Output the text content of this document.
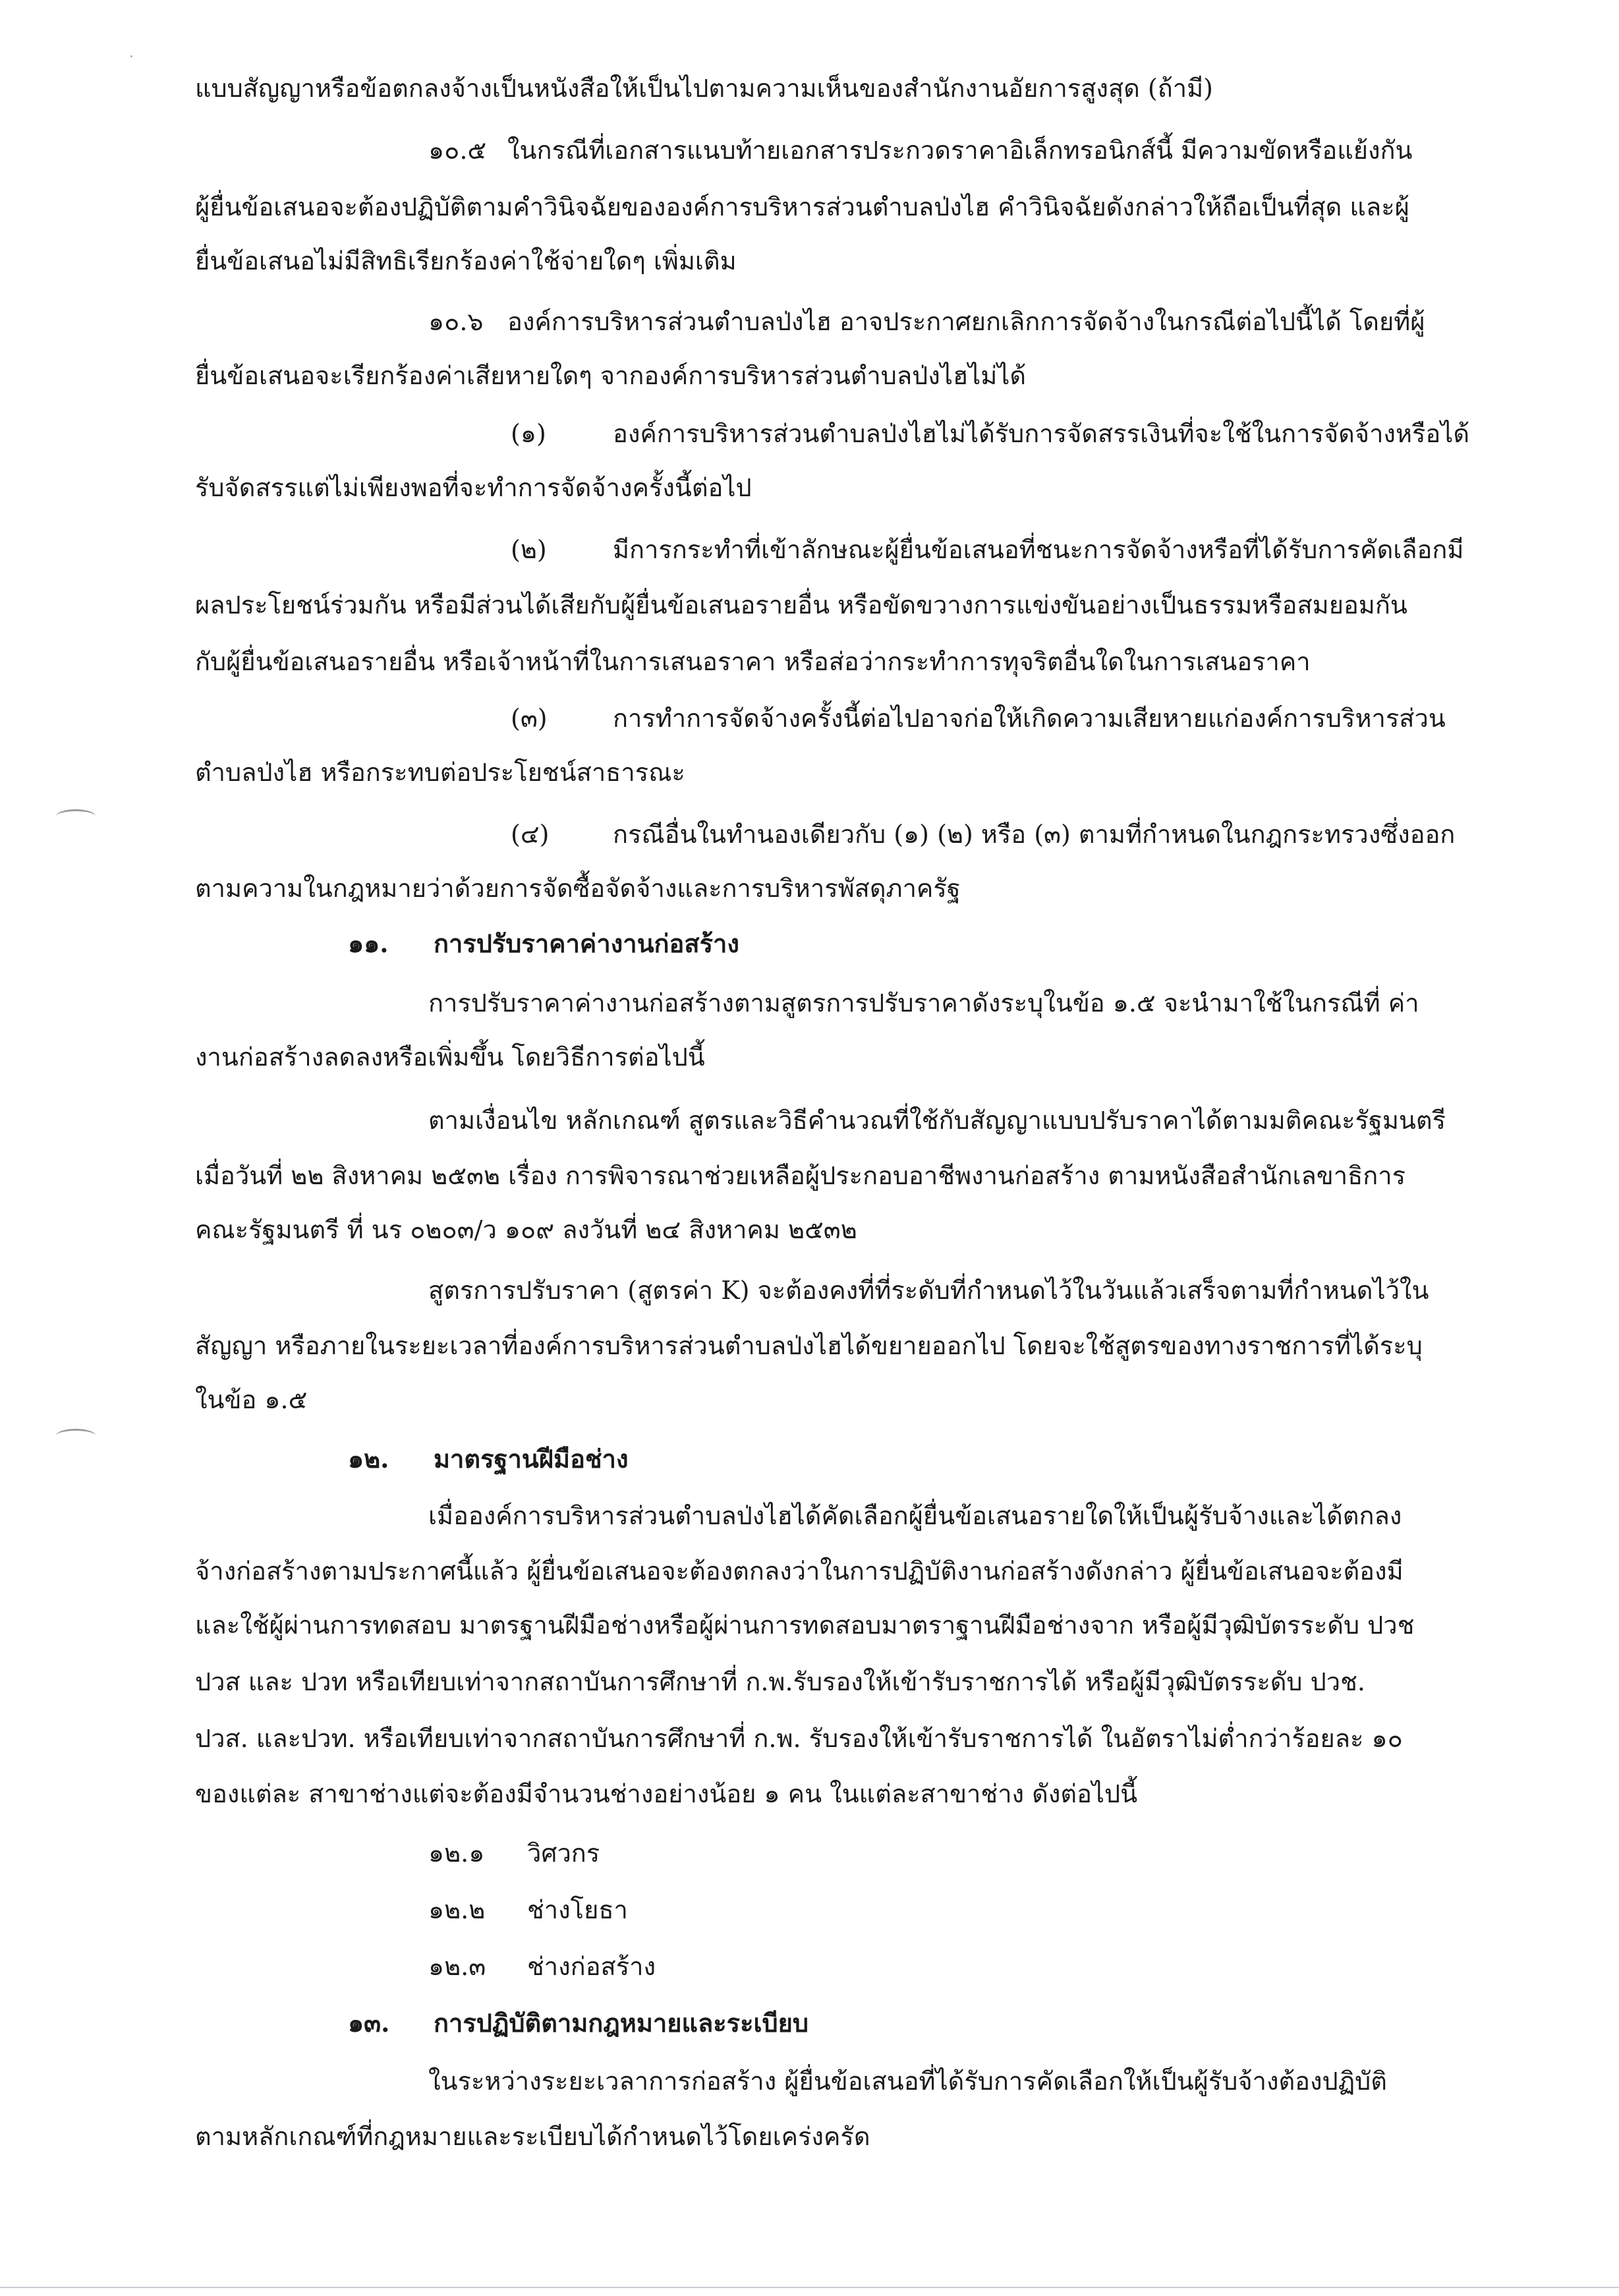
แบบสัญญาหรือข้อตกลงจ้างเป็นหนังสือให้เป็นไปตามความเห็นของสำนักงานอัยการสูงสุด (ถ้ามี)
๑๐.๕ ในกรณีที่เอกสารแนบท้ายเอกสารประกวดราคาอิเล็กทรอนิกส์นี้ มีความขัดหรือแย้งกัน
ผู้ยื่นข้อเสนอจะต้องปฏิบัติตามคำวินิจฉัยขององค์การบริหารส่วนตำบลป่งไฮ คำวินิจฉัยดังกล่าวให้ถือเป็นที่สุด และผู้
ยื่นข้อเสนอไม่มีสิทธิเรียกร้องค่าใช้จ่ายใดๆ เพิ่มเติม
๑๐.๖ องค์การบริหารส่วนตำบลป่งไฮ อาจประกาศยกเลิกการจัดจ้างในกรณีต่อไปนี้ได้ โดยที่ผู้
ยื่นข้อเสนอจะเรียกร้องค่าเสียหายใดๆ จากองค์การบริหารส่วนตำบลป่งไฮไม่ได้
(๑)	องค์การบริหารส่วนตำบลป่งไฮไม่ได้รับการจัดสรรเงินที่จะใช้ในการจัดจ้างหรือได้
รับจัดสรรแต่ไม่เพียงพอที่จะทำการจัดจ้างครั้งนี้ต่อไป
(๒)	มีการกระทำที่เข้าลักษณะผู้ยื่นข้อเสนอที่ชนะการจัดจ้างหรือที่ได้รับการคัดเลือกมี
ผลประโยชน์ร่วมกัน หรือมีส่วนได้เสียกับผู้ยื่นข้อเสนอรายอื่น หรือขัดขวางการแข่งขันอย่างเป็นธรรมหรือสมยอมกัน
กับผู้ยื่นข้อเสนอรายอื่น หรือเจ้าหน้าที่ในการเสนอราคา หรือส่อว่ากระทำการทุจริตอื่นใดในการเสนอราคา
(๓)	การทำการจัดจ้างครั้งนี้ต่อไปอาจก่อให้เกิดความเสียหายแก่องค์การบริหารส่วน
ตำบลป่งไฮ หรือกระทบต่อประโยชน์สาธารณะ
(๔)	กรณีอื่นในทำนองเดียวกับ (๑) (๒) หรือ (๓) ตามที่กำหนดในกฎกระทรวงซึ่งออก
ตามความในกฎหมายว่าด้วยการจัดซื้อจัดจ้างและการบริหารพัสดุภาครัฐ
๑๑. การปรับราคาค่างานก่อสร้าง
การปรับราคาค่างานก่อสร้างตามสูตรการปรับราคาดังระบุในข้อ ๑.๕ จะนำมาใช้ในกรณีที่ ค่า
งานก่อสร้างลดลงหรือเพิ่มขึ้น โดยวิธีการต่อไปนี้
ตามเงื่อนไข หลักเกณฑ์ สูตรและวิธีคำนวณที่ใช้กับสัญญาแบบปรับราคาได้ตามมติคณะรัฐมนตรี
เมื่อวันที่ ๒๒ สิงหาคม ๒๕๓๒ เรื่อง การพิจารณาช่วยเหลือผู้ประกอบอาชีพงานก่อสร้าง ตามหนังสือสำนักเลขาธิการ
คณะรัฐมนตรี ที่ นร ๐๒๐๓/ว ๑๐๙ ลงวันที่ ๒๔ สิงหาคม ๒๕๓๒
สูตรการปรับราคา (สูตรค่า K) จะต้องคงที่ที่ระดับที่กำหนดไว้ในวันแล้วเสร็จตามที่กำหนดไว้ใน
สัญญา หรือภายในระยะเวลาที่องค์การบริหารส่วนตำบลป่งไฮได้ขยายออกไป โดยจะใช้สูตรของทางราชการที่ได้ระบุ
ในข้อ ๑.๕
๑๒. มาตรฐานฝีมือช่าง
เมื่อองค์การบริหารส่วนตำบลป่งไฮได้คัดเลือกผู้ยื่นข้อเสนอรายใดให้เป็นผู้รับจ้างและได้ตกลง
จ้างก่อสร้างตามประกาศนี้แล้ว ผู้ยื่นข้อเสนอจะต้องตกลงว่าในการปฏิบัติงานก่อสร้างดังกล่าว ผู้ยื่นข้อเสนอจะต้องมี
และใช้ผู้ผ่านการทดสอบ มาตรฐานฝีมือช่างหรือผู้ผ่านการทดสอบมาตราฐานฝีมือช่างจาก หรือผู้มีวุฒิบัตรระดับ ปวช
ปวส และ ปวท หรือเทียบเท่าจากสถาบันการศึกษาที่ ก.พ.รับรองให้เข้ารับราชการได้ หรือผู้มีวุฒิบัตรระดับ ปวช.
ปวส. และปวท. หรือเทียบเท่าจากสถาบันการศึกษาที่ ก.พ. รับรองให้เข้ารับราชการได้ ในอัตราไม่ต่ำกว่าร้อยละ ๑๐
ของแต่ละ สาขาช่างแต่จะต้องมีจำนวนช่างอย่างน้อย ๑ คน ในแต่ละสาขาช่าง ดังต่อไปนี้
๑๒.๑ วิศวกร
๑๒.๒ ช่างโยธา
๑๒.๓ ช่างก่อสร้าง
๑๓. การปฏิบัติตามกฎหมายและระเบียบ
ในระหว่างระยะเวลาการก่อสร้าง ผู้ยื่นข้อเสนอที่ได้รับการคัดเลือกให้เป็นผู้รับจ้างต้องปฏิบัติ
ตามหลักเกณฑ์ที่กฎหมายและระเบียบได้กำหนดไว้โดยเคร่งครัด
